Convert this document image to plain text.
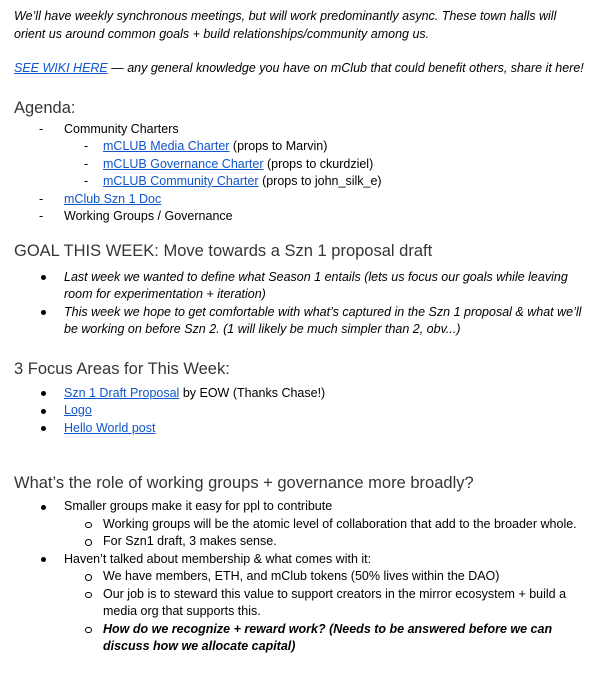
We’ll have weekly synchronous meetings, but will work predominantly async. These town halls will orient us around common goals + build relationships/community among us.

SEE WIKI HERE — any general knowledge you have on mClub that could benefit others, share it here!

Agenda:
- Community Charters
- mCLUB Media Charter (props to Marvin)
- mCLUB Governance Charter (props to ckurdziel)
- mCLUB Community Charter (props to john_silk_e)
- mClub Szn 1 Doc
- Working Groups / Governance
GOAL THIS WEEK: Move towards a Szn 1 proposal draft
Last week we wanted to define what Season 1 entails (lets us focus our goals while leaving room for experimentation + iteration)
This week we hope to get comfortable with what’s captured in the Szn 1 proposal & what we’ll be working on before Szn 2. (1 will likely be much simpler than 2, obv...)
3 Focus Areas for This Week:
Szn 1 Draft Proposal by EOW (Thanks Chase!)
Logo
Hello World post
What’s the role of working groups + governance more broadly?
Smaller groups make it easy for ppl to contribute
Working groups will be the atomic level of collaboration that add to the broader whole.
For Szn1 draft, 3 makes sense.
Haven’t talked about membership & what comes with it:
We have members, ETH, and mClub tokens (50% lives within the DAO)
Our job is to steward this value to support creators in the mirror ecosystem + build a media org that supports this.
How do we recognize + reward work? (Needs to be answered before we can discuss how we allocate capital)
